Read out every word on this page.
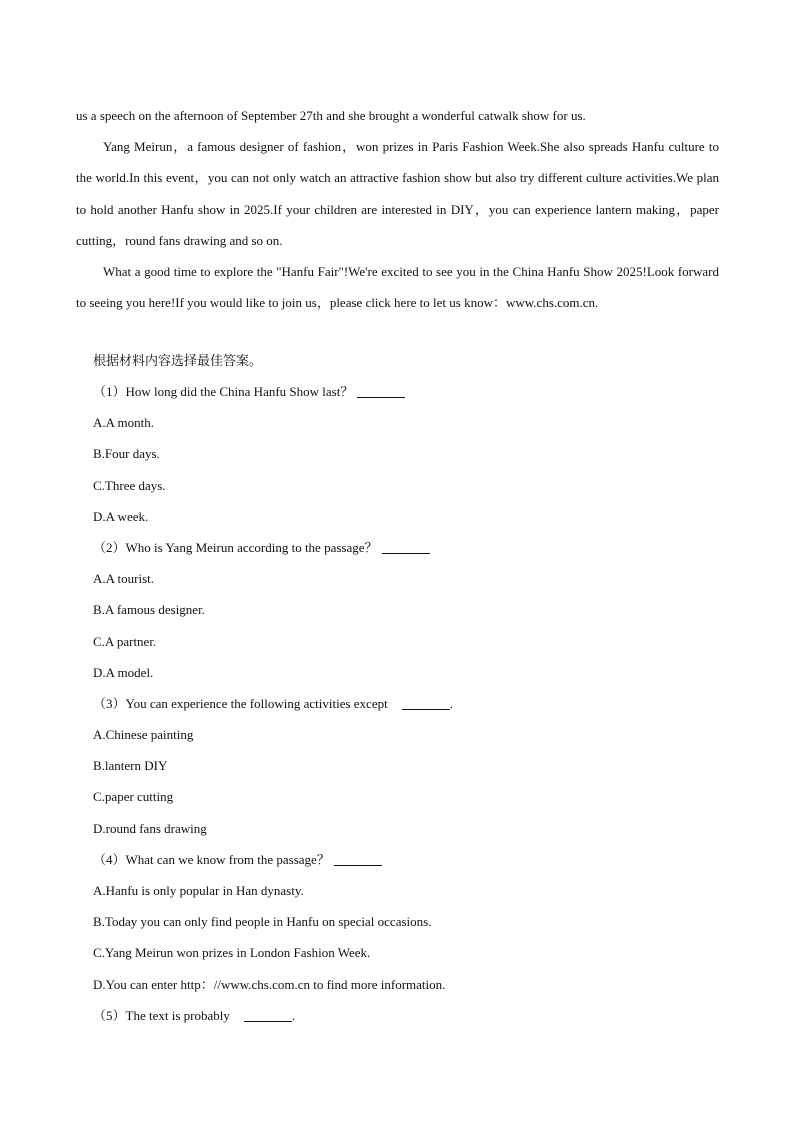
us a speech on the afternoon of September 27th and she brought a wonderful catwalk show for us.

Yang Meirun，a famous designer of fashion，won prizes in Paris Fashion Week.She also spreads Hanfu culture to the world.In this event，you can not only watch an attractive fashion show but also try different culture activities.We plan to hold another Hanfu show in 2025.If your children are interested in DIY，you can experience lantern making，paper cutting，round fans drawing and so on.

What a good time to explore the "Hanfu Fair"!We're excited to see you in the China Hanfu Show 2025!Look forward to seeing you here!If you would like to join us，please click here to let us know：www.chs.com.cn.

根据材料内容选择最佳答案。
（1）How long did the China Hanfu Show last？
A.A month.
B.Four days.
C.Three days.
D.A week.
（2）Who is Yang Meirun according to the passage？
A.A tourist.
B.A famous designer.
C.A partner.
D.A model.
（3）You can experience the following activities except	.
A.Chinese painting
B.lantern DIY
C.paper cutting
D.round fans drawing
（4）What can we know from the passage？
A.Hanfu is only popular in Han dynasty.
B.Today you can only find people in Hanfu on special occasions.
C.Yang Meirun won prizes in London Fashion Week.
D.You can enter http：//www.chs.com.cn to find more information.
（5）The text is probably	.
